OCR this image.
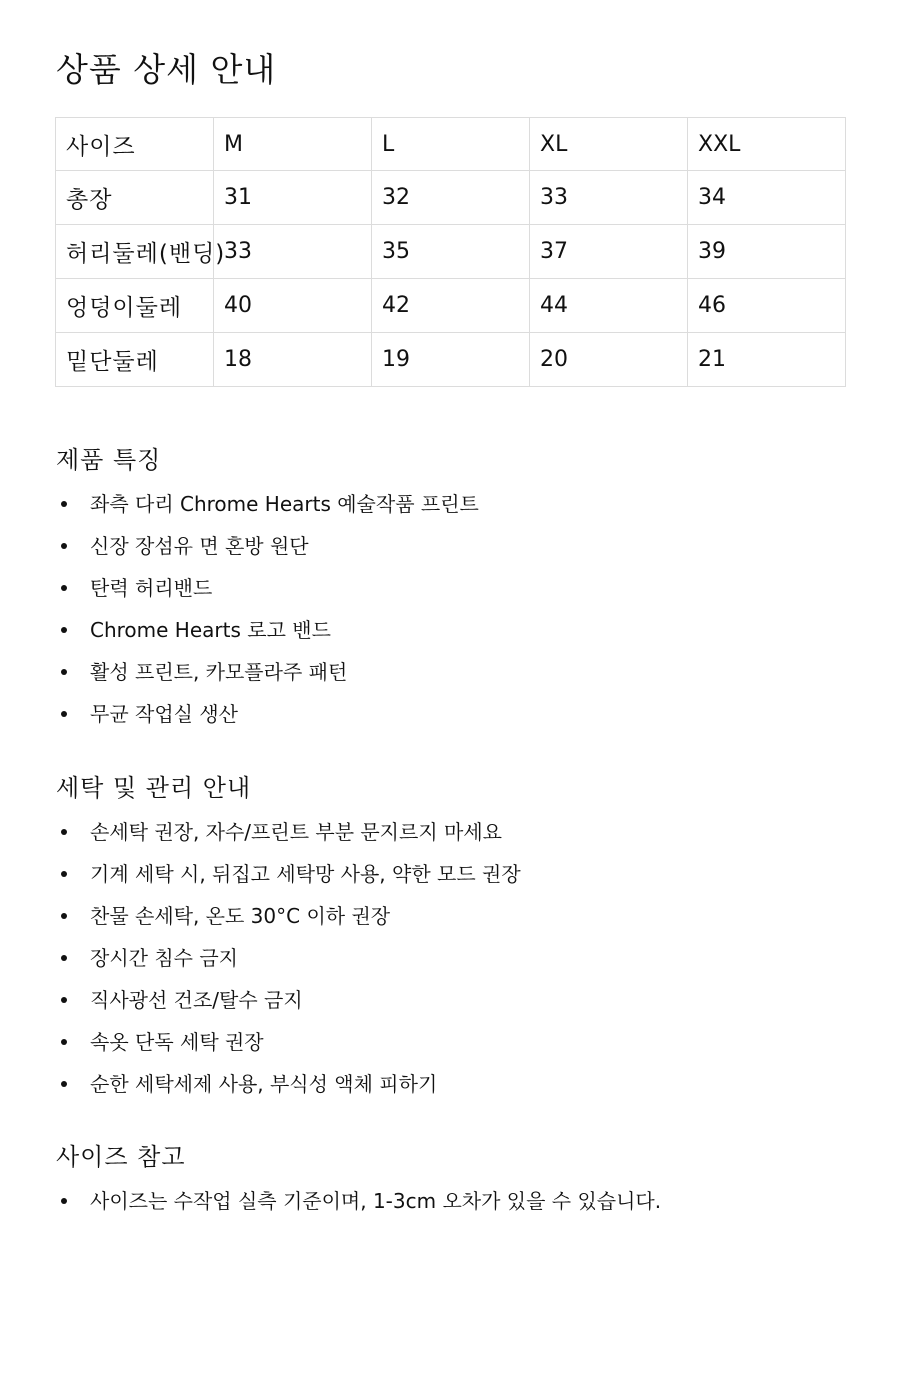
상품 상세 안내
사이즈	M	L	XL	XXL
총장	31	32	33	34
허리둘레(밴딩)	33	35	37	39
엉덩이둘레	40	42	44	46
밑단둘레	18	19	20	21
제품 특징
좌측 다리 Chrome Hearts 예술작품 프린트
신장 장섬유 면 혼방 원단
탄력 허리밴드
Chrome Hearts 로고 밴드
활성 프린트, 카모플라주 패턴
무균 작업실 생산
세탁 및 관리 안내
손세탁 권장, 자수/프린트 부분 문지르지 마세요
기계 세탁 시, 뒤집고 세탁망 사용, 약한 모드 권장
찬물 손세탁, 온도 30°C 이하 권장
장시간 침수 금지
직사광선 건조/탈수 금지
속옷 단독 세탁 권장
순한 세탁세제 사용, 부식성 액체 피하기
사이즈 참고
사이즈는 수작업 실측 기준이며, 1-3cm 오차가 있을 수 있습니다.
